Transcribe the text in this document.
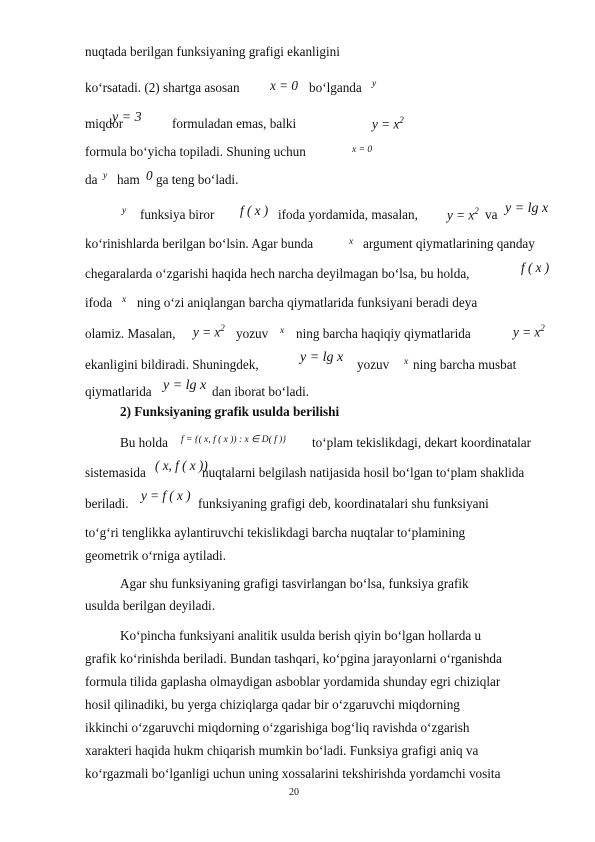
nuqtada berilgan funksiyaning grafigi ekanligini
ko‘rsatadi. (2) shartga asosan x = 0 bo‘lganda y
miqdor
y = 3 formuladan emas, balki	$y = x^2$
formula bo‘yicha topiladi. Shuning uchun	x = 0
da y ham 0 ga teng bo‘ladi.
y funksiya biror f ( x ) ifoda yordamida, masalan, $y = x^2$ va y = lg x
ko‘rinishlarda berilgan bo‘lsin. Agar bunda	x argument qiymatlarining qanday
chegaralarda o‘zgarishi haqida hech narcha deyilmagan bo‘lsa, bu holda,	f ( x )
ifoda x ning o‘zi aniqlangan barcha qiymatlarida funksiyani beradi deya
olamiz. Masalan, $y = x^2$ yozuv x ning barcha haqiqiy qiymatlarida	$y = x^2$
ekanligini bildiradi. Shuningdek,	y = lg x yozuv x ning barcha musbat
qiymatlarida y = lg x dan iborat bo‘ladi.
2) Funksiyaning grafik usulda berilishi
Bu holda f = {( x, f ( x )) : x ∈ D( f )} to‘plam tekislikdagi, dekart koordinatalar
sistemasida ( x, f ( x ))
nuqtalarni belgilash natijasida hosil bo‘lgan to‘plam shaklida
beriladi.
y = f ( x )
funksiyaning grafigi deb, koordinatalari shu funksiyani
to‘g‘ri tenglikka aylantiruvchi tekislikdagi barcha nuqtalar to‘plamining
geometrik o‘rniga aytiladi.
Agar shu funksiyaning grafigi tasvirlangan bo‘lsa, funksiya grafik
usulda berilgan deyiladi.
Ko‘pincha funksiyani analitik usulda berish qiyin bo‘lgan hollarda u
grafik ko‘rinishda beriladi. Bundan tashqari, ko‘pgina jarayonlarni o‘rganishda
formula tilida gaplasha olmaydigan asboblar yordamida shunday egri chiziqlar
hosil qilinadiki, bu yerga chiziqlarga qadar bir o‘zgaruvchi miqdorning
ikkinchi o‘zgaruvchi miqdorning o‘zgarishiga bog‘liq ravishda o‘zgarish
xarakteri haqida hukm chiqarish mumkin bo‘ladi. Funksiya grafigi aniq va
ko‘rgazmali bo‘lganligi uchun uning xossalarini tekshirishda yordamchi vosita
20
